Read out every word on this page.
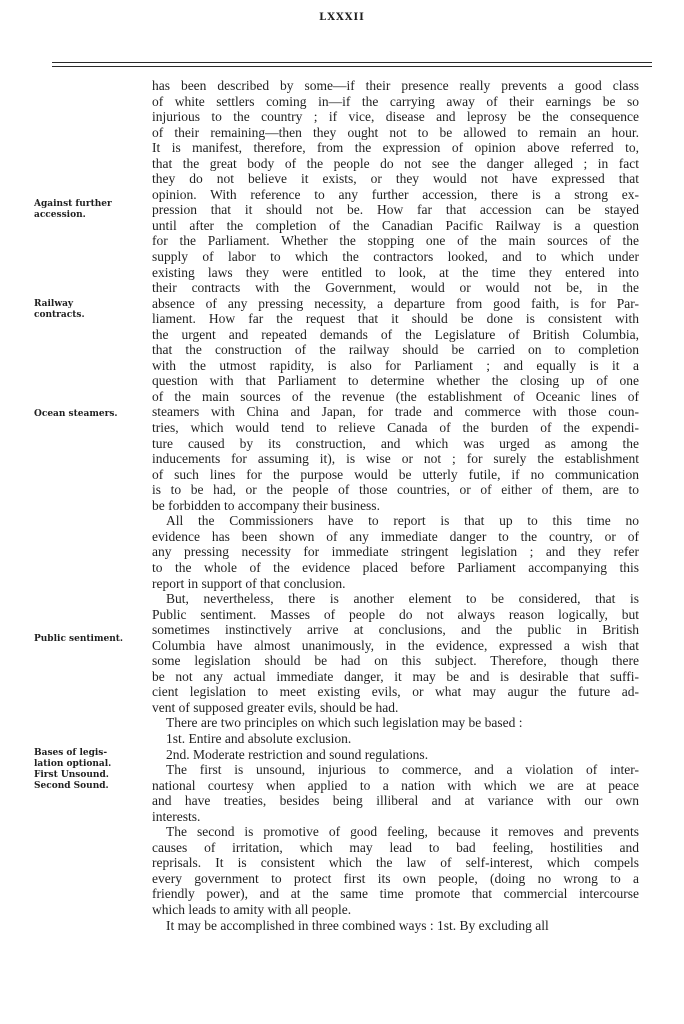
LXXXII
Against further
accession.
Railway
contracts.
Ocean steamers.
Public sentiment.
Bases of legis-
lation optional.
First Unsound.
Second Sound.
has been described by some—if their presence really prevents a good class
of white settlers coming in—if the carrying away of their earnings be so
injurious to the country ; if vice, disease and leprosy be the consequence
of their remaining—then they ought not to be allowed to remain an hour.
It is manifest, therefore, from the expression of opinion above referred to,
that the great body of the people do not see the danger alleged ; in fact
they do not believe it exists, or they would not have expressed that
opinion. With reference to any further accession, there is a strong ex-
pression that it should not be. How far that accession can be stayed
until after the completion of the Canadian Pacific Railway is a question
for the Parliament. Whether the stopping one of the main sources of the
supply of labor to which the contractors looked, and to which under
existing laws they were entitled to look, at the time they entered into
their contracts with the Government, would or would not be, in the
absence of any pressing necessity, a departure from good faith, is for Par-
liament. How far the request that it should be done is consistent with
the urgent and repeated demands of the Legislature of British Columbia,
that the construction of the railway should be carried on to completion
with the utmost rapidity, is also for Parliament ; and equally is it a
question with that Parliament to determine whether the closing up of one
of the main sources of the revenue (the establishment of Oceanic lines of
steamers with China and Japan, for trade and commerce with those coun-
tries, which would tend to relieve Canada of the burden of the expendi-
ture caused by its construction, and which was urged as among the
inducements for assuming it), is wise or not ; for surely the establishment
of such lines for the purpose would be utterly futile, if no communication
is to be had, or the people of those countries, or of either of them, are to
be forbidden to accompany their business.
All the Commissioners have to report is that up to this time no
evidence has been shown of any immediate danger to the country, or of
any pressing necessity for immediate stringent legislation ; and they refer
to the whole of the evidence placed before Parliament accompanying this
report in support of that conclusion.
But, nevertheless, there is another element to be considered, that is
Public sentiment. Masses of people do not always reason logically, but
sometimes instinctively arrive at conclusions, and the public in British
Columbia have almost unanimously, in the evidence, expressed a wish that
some legislation should be had on this subject. Therefore, though there
be not any actual immediate danger, it may be and is desirable that suffi-
cient legislation to meet existing evils, or what may augur the future ad-
vent of supposed greater evils, should be had.
There are two principles on which such legislation may be based :
1st. Entire and absolute exclusion.
2nd. Moderate restriction and sound regulations.
The first is unsound, injurious to commerce, and a violation of inter-
national courtesy when applied to a nation with which we are at peace
and have treaties, besides being illiberal and at variance with our own
interests.
The second is promotive of good feeling, because it removes and prevents
causes of irritation, which may lead to bad feeling, hostilities and
reprisals. It is consistent which the law of self-interest, which compels
every government to protect first its own people, (doing no wrong to a
friendly power), and at the same time promote that commercial intercourse
which leads to amity with all people.
It may be accomplished in three combined ways : 1st. By excluding all
